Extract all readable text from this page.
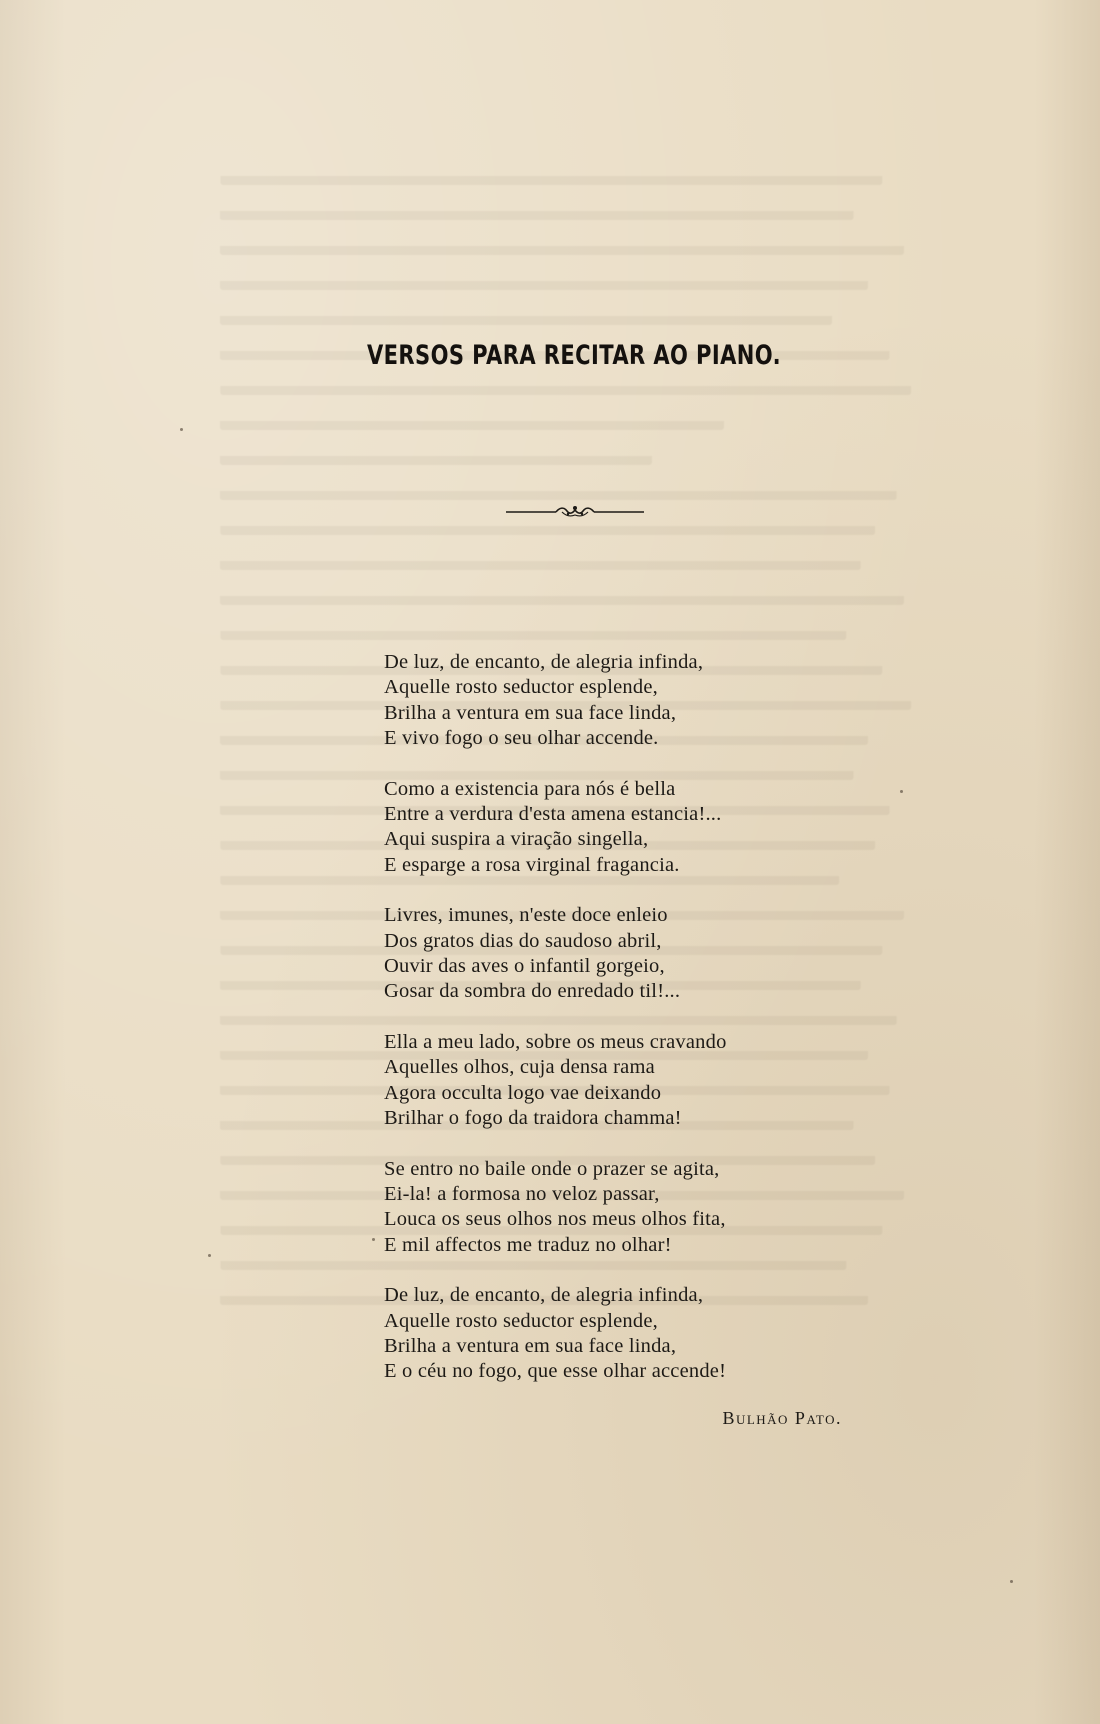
VERSOS PARA RECITAR AO PIANO.
De luz, de encanto, de alegria infinda,
Aquelle rosto seductor esplende,
Brilha a ventura em sua face linda,
E vivo fogo o seu olhar accende.
Como a existencia para nós é bella
Entre a verdura d'esta amena estancia!...
Aqui suspira a viração singella,
E esparge a rosa virginal fragancia.
Livres, imunes, n'este doce enleio
Dos gratos dias do saudoso abril,
Ouvir das aves o infantil gorgeio,
Gosar da sombra do enredado til!...
Ella a meu lado, sobre os meus cravando
Aquelles olhos, cuja densa rama
Agora occulta logo vae deixando
Brilhar o fogo da traidora chamma!
Se entro no baile onde o prazer se agita,
Ei-la! a formosa no veloz passar,
Louca os seus olhos nos meus olhos fita,
E mil affectos me traduz no olhar!
De luz, de encanto, de alegria infinda,
Aquelle rosto seductor esplende,
Brilha a ventura em sua face linda,
E o céu no fogo, que esse olhar accende!
Bulhão Pato.
